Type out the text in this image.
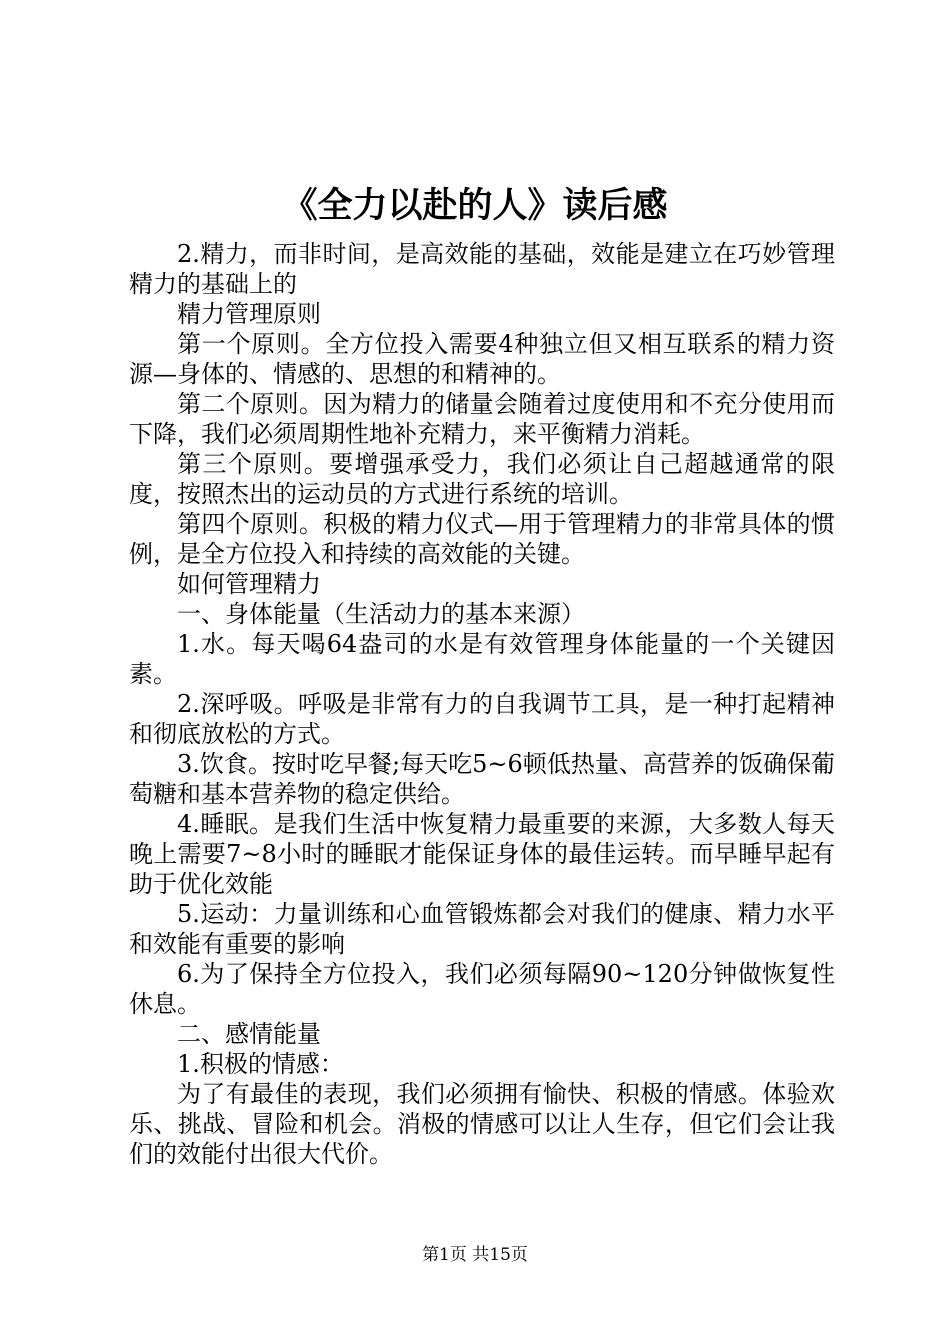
《全力以赴的人》读后感

2.精力，而非时间，是高效能的基础，效能是建立在巧妙管理精力的基础上的

精力管理原则

第一个原则。全方位投入需要4种独立但又相互联系的精力资源—身体的、情感的、思想的和精神的。

第二个原则。因为精力的储量会随着过度使用和不充分使用而下降，我们必须周期性地补充精力，来平衡精力消耗。

第三个原则。要增强承受力，我们必须让自己超越通常的限度，按照杰出的运动员的方式进行系统的培训。

第四个原则。积极的精力仪式—用于管理精力的非常具体的惯例，是全方位投入和持续的高效能的关键。

如何管理精力

一、身体能量（生活动力的基本来源）

1.水。每天喝64盎司的水是有效管理身体能量的一个关键因素。

2.深呼吸。呼吸是非常有力的自我调节工具，是一种打起精神和彻底放松的方式。

3.饮食。按时吃早餐;每天吃5~6顿低热量、高营养的饭确保葡萄糖和基本营养物的稳定供给。

4.睡眠。是我们生活中恢复精力最重要的来源，大多数人每天晚上需要7~8小时的睡眠才能保证身体的最佳运转。而早睡早起有助于优化效能

5.运动：力量训练和心血管锻炼都会对我们的健康、精力水平和效能有重要的影响

6.为了保持全方位投入，我们必须每隔90~120分钟做恢复性休息。

二、感情能量

1.积极的情感：

为了有最佳的表现，我们必须拥有愉快、积极的情感。体验欢乐、挑战、冒险和机会。消极的情感可以让人生存，但它们会让我们的效能付出很大代价。

第1页 共15页
